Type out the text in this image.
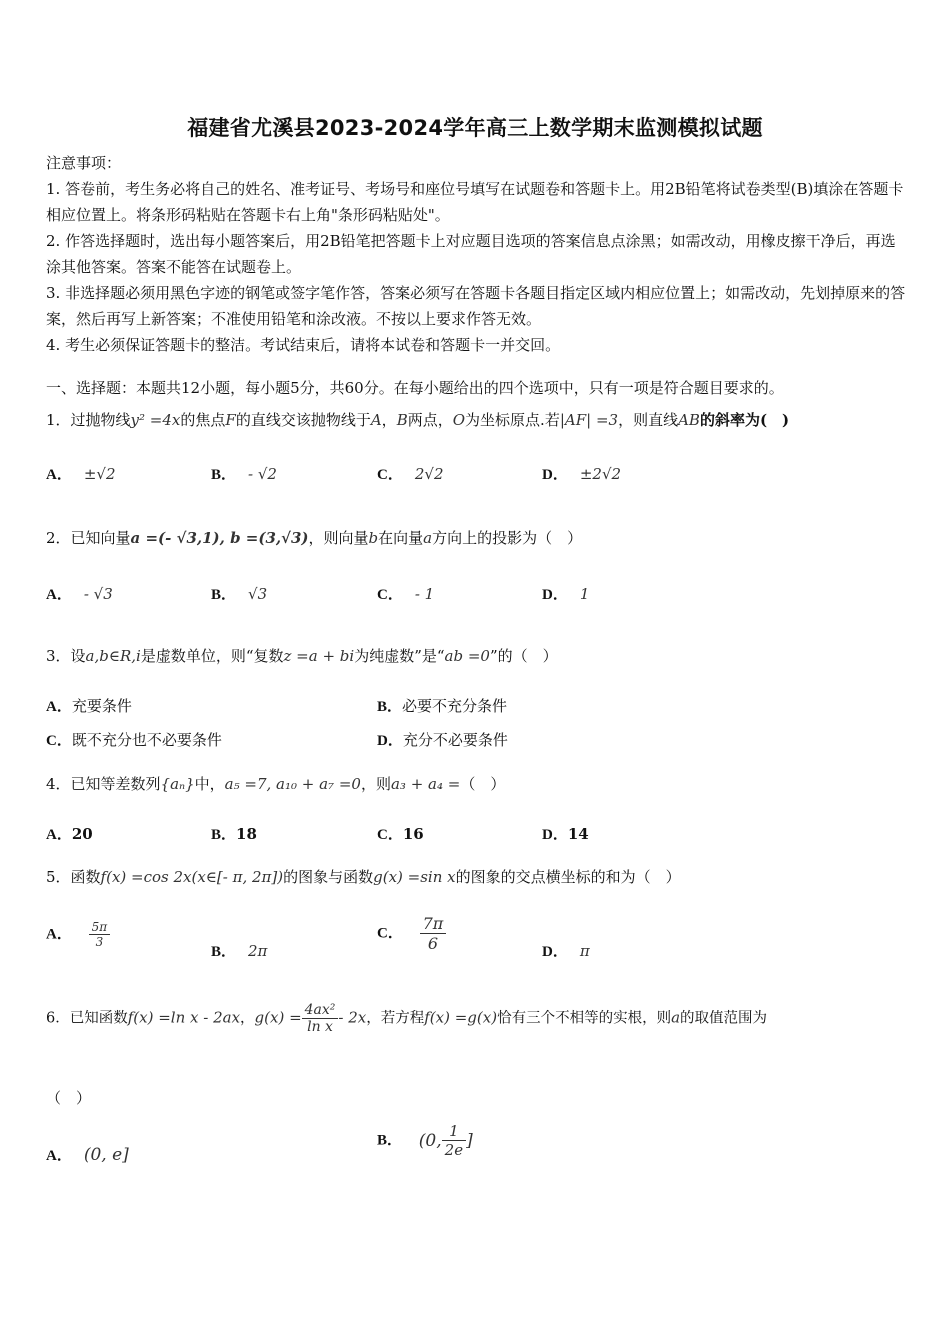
福建省尤溪县2023-2024学年高三上数学期末监测模拟试题
注意事项：
1. 答卷前，考生务必将自己的姓名、准考证号、考场号和座位号填写在试题卷和答题卡上。用2B铅笔将试卷类型(B)填涂在答题卡相应位置上。将条形码粘贴在答题卡右上角"条形码粘贴处"。
2. 作答选择题时，选出每小题答案后，用2B铅笔把答题卡上对应题目选项的答案信息点涂黑；如需改动，用橡皮擦干净后，再选涂其他答案。答案不能答在试题卷上。
3. 非选择题必须用黑色字迹的钢笔或签字笔作答，答案必须写在答题卡各题目指定区域内相应位置上；如需改动，先划掉原来的答案，然后再写上新答案；不准使用铅笔和涂改液。不按以上要求作答无效。
4. 考生必须保证答题卡的整洁。考试结束后，请将本试卷和答题卡一并交回。
一、选择题：本题共12小题，每小题5分，共60分。在每小题给出的四个选项中，只有一项是符合题目要求的。
1．过抛物线y² =4x的焦点F的直线交该抛物线于A，B两点，O为坐标原点.若|AF| =3，则直线AB的斜率为(　)
A． ±√2	B． - √2	C． 2√2	D． ±2√2
2．已知向量a =(- √3,1), b =(3,√3)，则向量b在向量a方向上的投影为（　）
A． - √3	B． √3	C． - 1	D． 1
3．设a,b∈R,i是虚数单位，则“复数z =a + bi为纯虚数”是“ab =0”的（　）
A．充要条件	B．必要不充分条件
C．既不充分也不必要条件	D．充分不必要条件
4．已知等差数列{aₙ}中，a₅ =7, a₁₀ + a₇ =0，则a₃ + a₄ =（　）
A．20	B．18	C．16	D．14
5．函数f(x) =cos 2x(x∈[- π, 2π])的图象与函数g(x) =sin x的图象的交点横坐标的和为（　）
A． $\frac{5\pi}{3}$
B． 2π
C． $\frac{7\pi}{6}$	D． π
6．已知函数f(x) =ln x - 2ax，$g(x) = \frac{\text{4ax²}}{\text{ln x}} - 2x$，若方程f(x) =g(x)恰有三个不相等的实根，则a的取值范围为
（　）
A． (0, e]
B． (0, $\frac{1}{2e}$ ]
